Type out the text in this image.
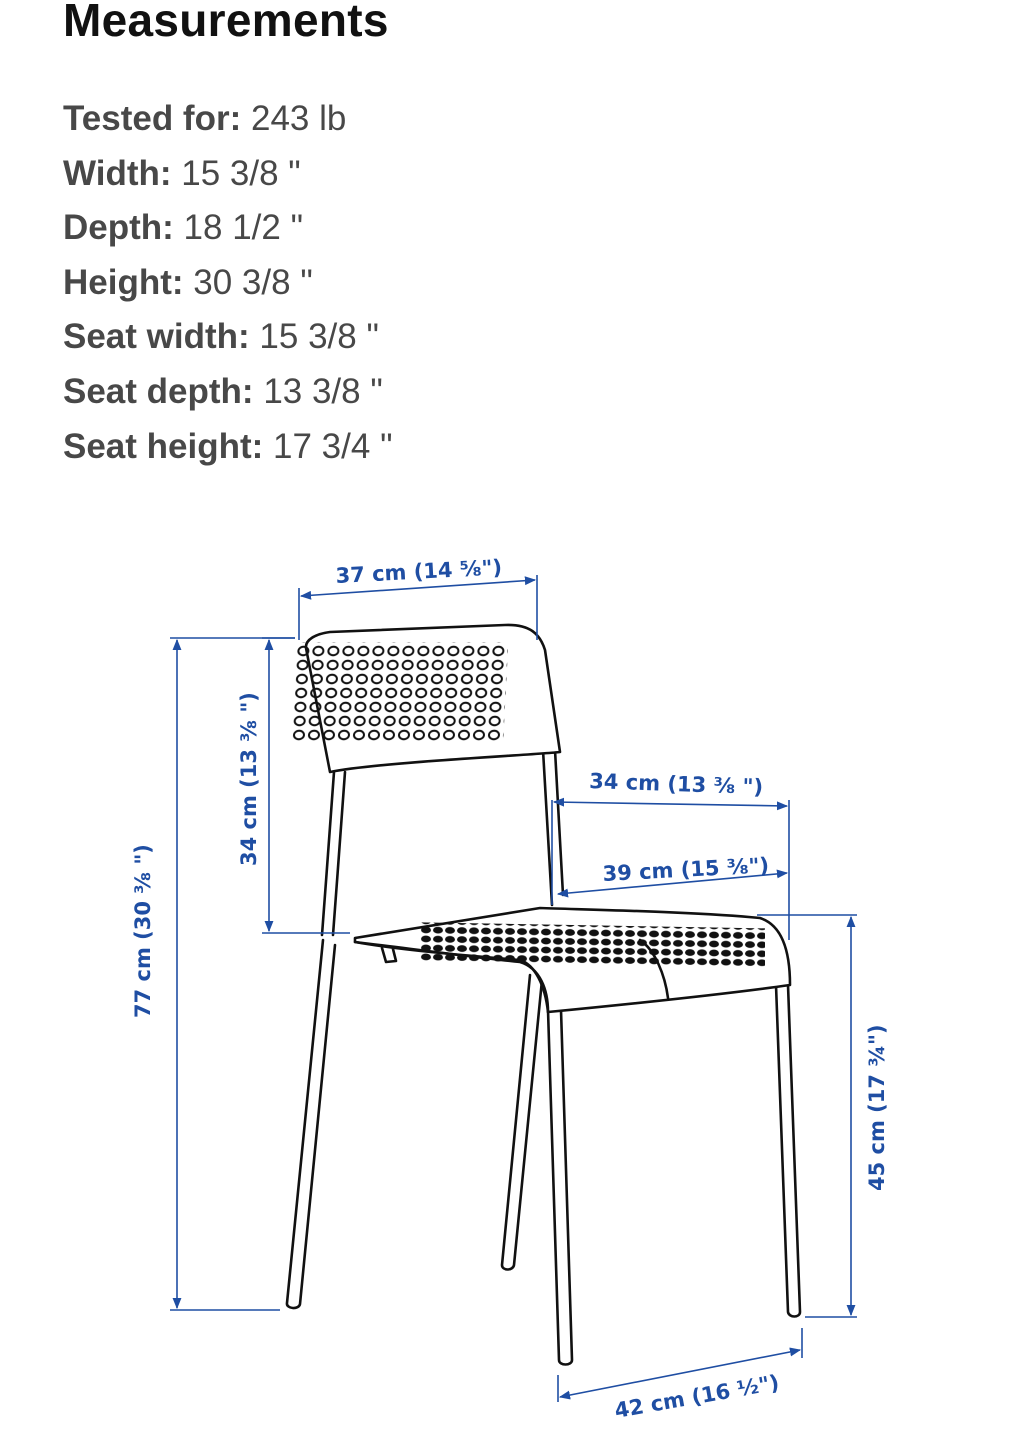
Measurements
Tested for: 243 lb
Width: 15 3/8 "
Depth: 18 1/2 "
Height: 30 3/8 "
Seat width: 15 3/8 "
Seat depth: 13 3/8 "
Seat height: 17 3/4 "
37 cm (14 ⅝")
77 cm (30 ⅜ ")
34 cm (13 ⅜ ")	34 cm (13 ⅜ ")
39 cm (15 ⅜")
45 cm (17 ¾")
42 cm (16 ½")
